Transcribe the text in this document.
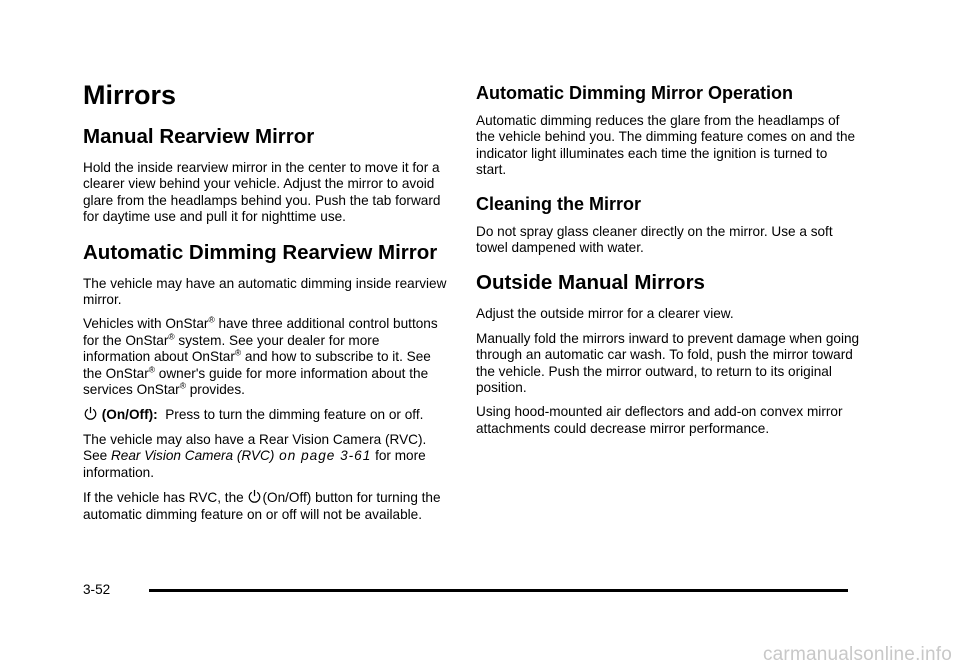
Mirrors
Manual Rearview Mirror

Hold the inside rearview mirror in the center to move it for a clearer view behind your vehicle. Adjust the mirror to avoid glare from the headlamps behind you. Push the tab forward for daytime use and pull it for nighttime use.

Automatic Dimming Rearview Mirror

The vehicle may have an automatic dimming inside rearview mirror.

Vehicles with OnStar® have three additional control buttons for the OnStar® system. See your dealer for more information about OnStar® and how to subscribe to it. See the OnStar® owner's guide for more information about the services OnStar® provides.

(On/Off): Press to turn the dimming feature on or off.

The vehicle may also have a Rear Vision Camera (RVC). See Rear Vision Camera (RVC) on page 3‑61 for more information.

If the vehicle has RVC, the
(On/Off) button for turning the automatic dimming feature on or off will not be available.

Automatic Dimming Mirror Operation

Automatic dimming reduces the glare from the headlamps of the vehicle behind you. The dimming feature comes on and the indicator light illuminates each time the ignition is turned to start.

Cleaning the Mirror

Do not spray glass cleaner directly on the mirror. Use a soft towel dampened with water.

Outside Manual Mirrors

Adjust the outside mirror for a clearer view.

Manually fold the mirrors inward to prevent damage when going through an automatic car wash. To fold, push the mirror toward the vehicle. Push the mirror outward, to return to its original position.

Using hood-mounted air deflectors and add-on convex mirror attachments could decrease mirror performance.

3-52
carmanualsonline.info
